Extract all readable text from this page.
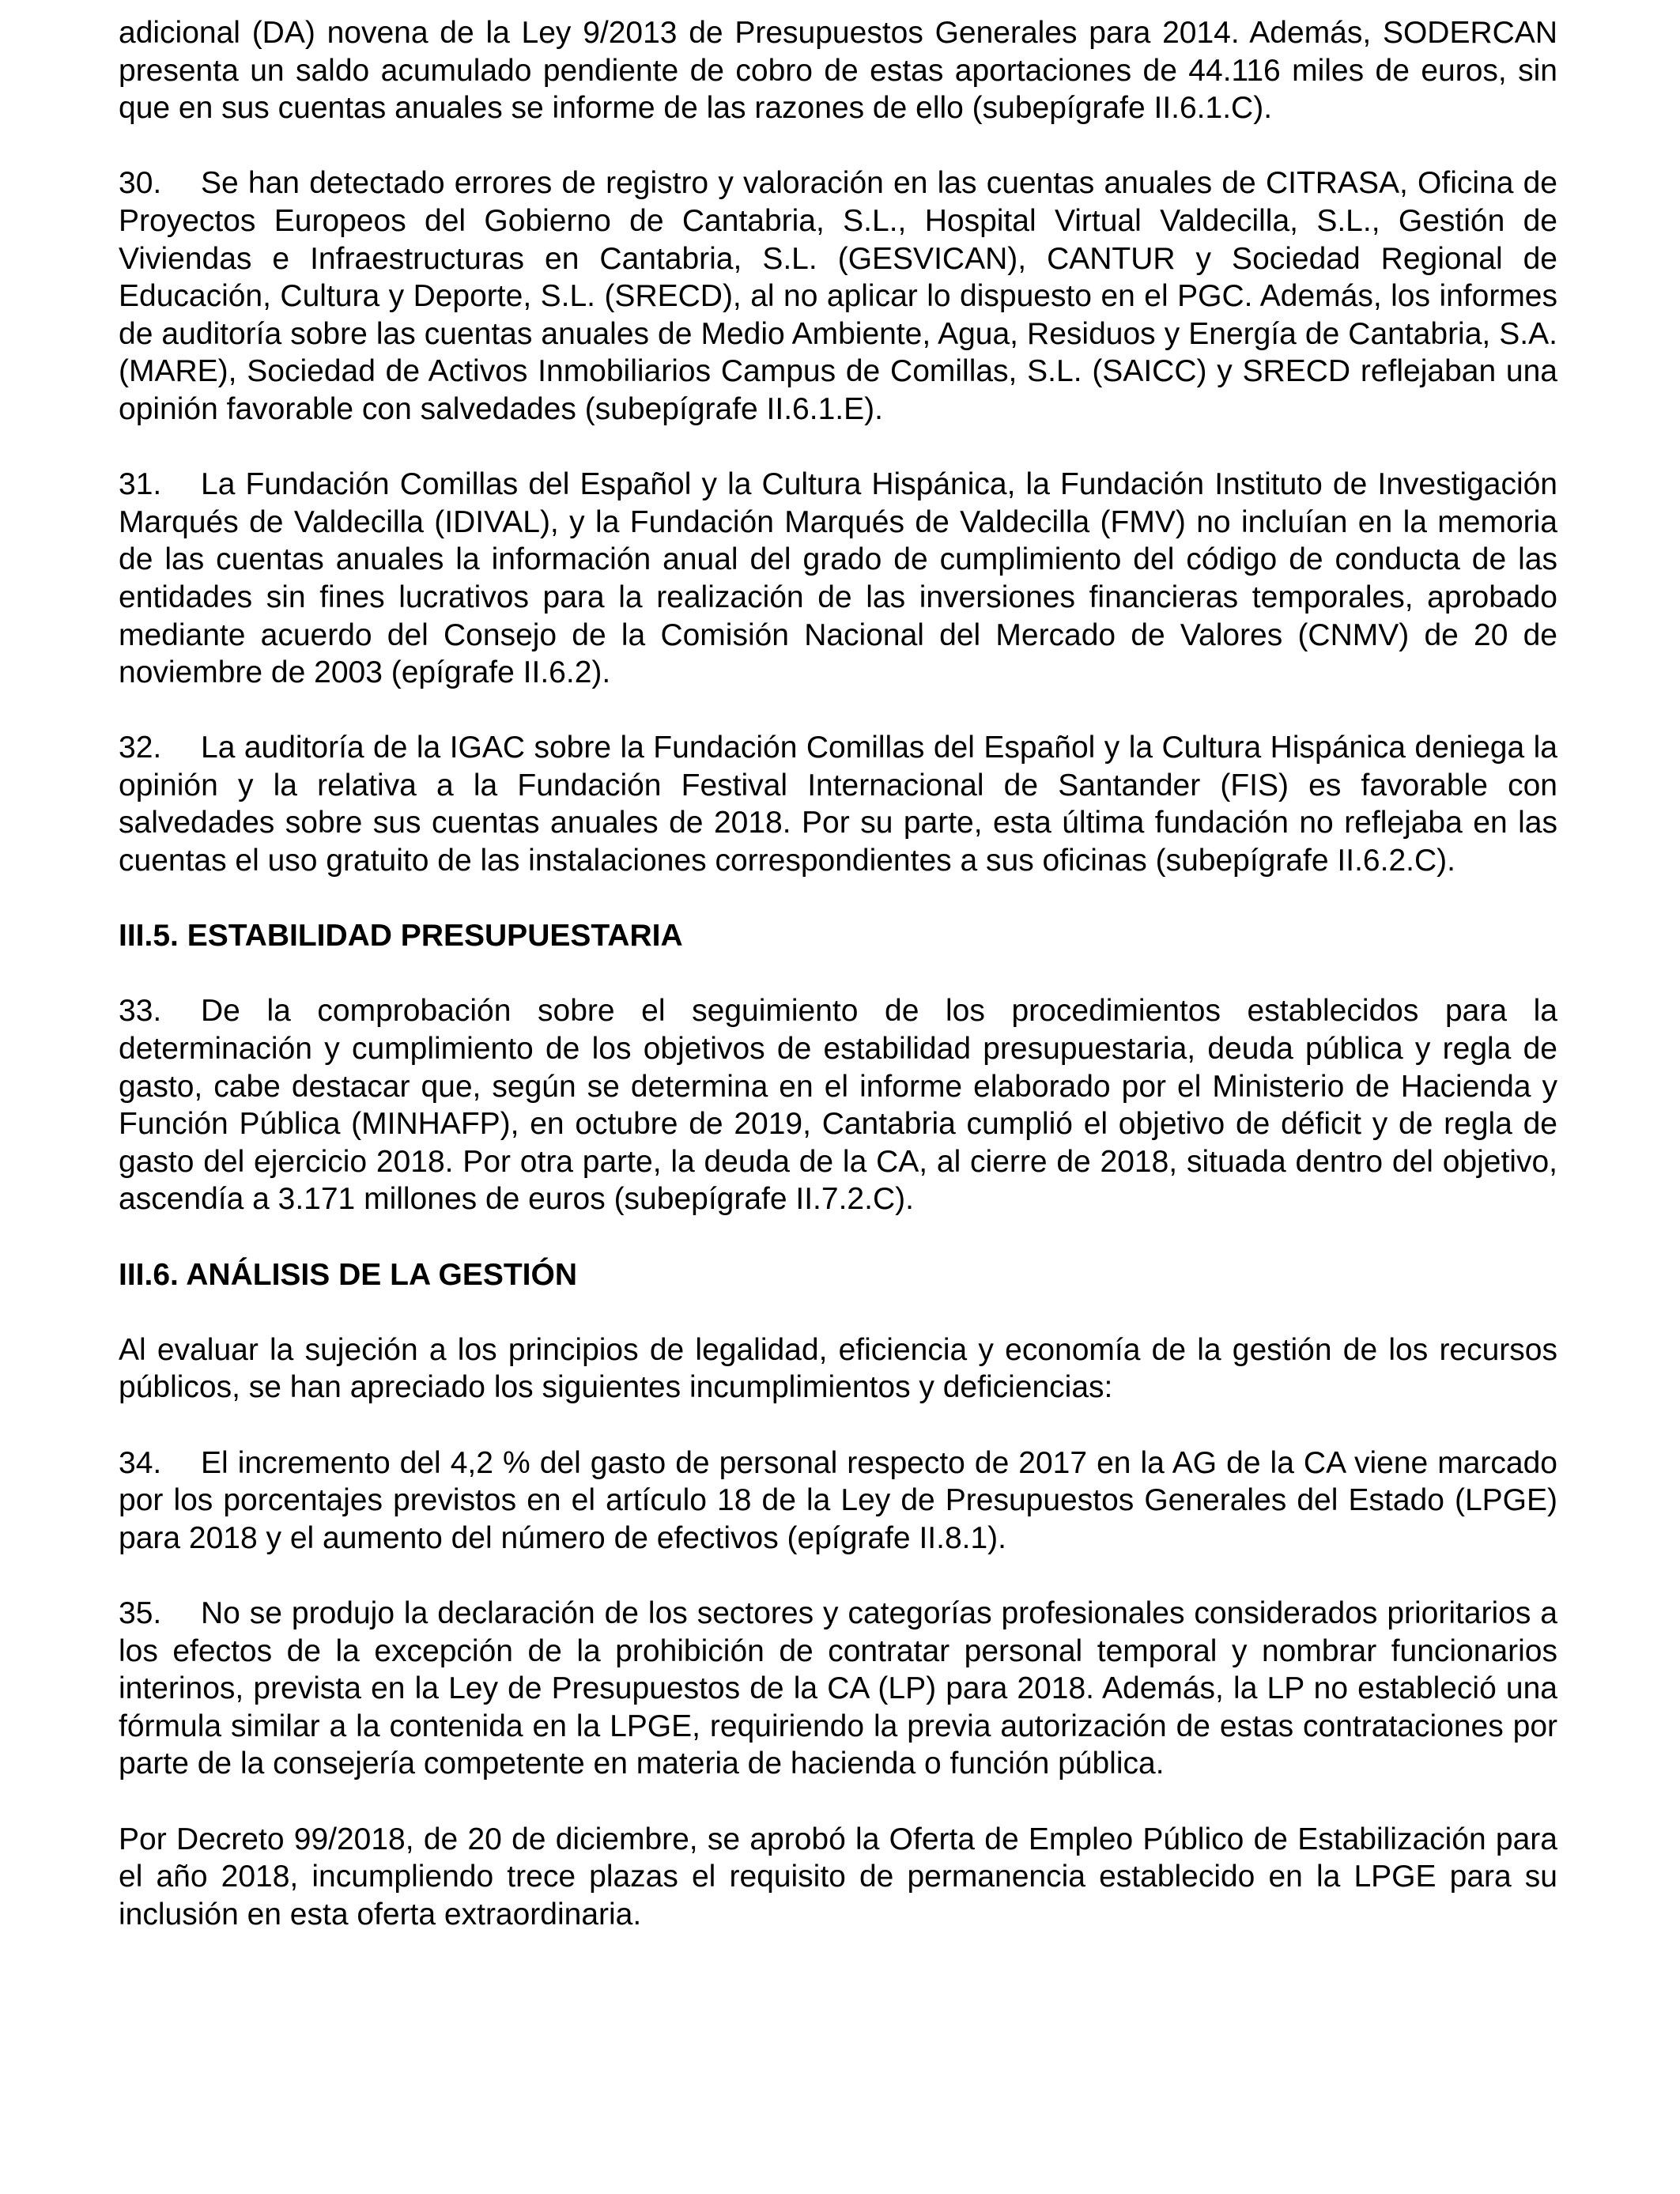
adicional (DA) novena de la Ley 9/2013 de Presupuestos Generales para 2014. Además, SODERCAN presenta un saldo acumulado pendiente de cobro de estas aportaciones de 44.116 miles de euros, sin que en sus cuentas anuales se informe de las razones de ello (subepígrafe II.6.1.C).

30. Se han detectado errores de registro y valoración en las cuentas anuales de CITRASA, Oficina de Proyectos Europeos del Gobierno de Cantabria, S.L., Hospital Virtual Valdecilla, S.L., Gestión de Viviendas e Infraestructuras en Cantabria, S.L. (GESVICAN), CANTUR y Sociedad Regional de Educación, Cultura y Deporte, S.L. (SRECD), al no aplicar lo dispuesto en el PGC. Además, los informes de auditoría sobre las cuentas anuales de Medio Ambiente, Agua, Residuos y Energía de Cantabria, S.A. (MARE), Sociedad de Activos Inmobiliarios Campus de Comillas, S.L. (SAICC) y SRECD reflejaban una opinión favorable con salvedades (subepígrafe II.6.1.E).

31. La Fundación Comillas del Español y la Cultura Hispánica, la Fundación Instituto de Investigación Marqués de Valdecilla (IDIVAL), y la Fundación Marqués de Valdecilla (FMV) no incluían en la memoria de las cuentas anuales la información anual del grado de cumplimiento del código de conducta de las entidades sin fines lucrativos para la realización de las inversiones financieras temporales, aprobado mediante acuerdo del Consejo de la Comisión Nacional del Mercado de Valores (CNMV) de 20 de noviembre de 2003 (epígrafe II.6.2).

32. La auditoría de la IGAC sobre la Fundación Comillas del Español y la Cultura Hispánica deniega la opinión y la relativa a la Fundación Festival Internacional de Santander (FIS) es favorable con salvedades sobre sus cuentas anuales de 2018. Por su parte, esta última fundación no reflejaba en las cuentas el uso gratuito de las instalaciones correspondientes a sus oficinas (subepígrafe II.6.2.C).

III.5. ESTABILIDAD PRESUPUESTARIA

33. De la comprobación sobre el seguimiento de los procedimientos establecidos para la determinación y cumplimiento de los objetivos de estabilidad presupuestaria, deuda pública y regla de gasto, cabe destacar que, según se determina en el informe elaborado por el Ministerio de Hacienda y Función Pública (MINHAFP), en octubre de 2019, Cantabria cumplió el objetivo de déficit y de regla de gasto del ejercicio 2018. Por otra parte, la deuda de la CA, al cierre de 2018, situada dentro del objetivo, ascendía a 3.171 millones de euros (subepígrafe II.7.2.C).

III.6. ANÁLISIS DE LA GESTIÓN

Al evaluar la sujeción a los principios de legalidad, eficiencia y economía de la gestión de los recursos públicos, se han apreciado los siguientes incumplimientos y deficiencias:

34. El incremento del 4,2 % del gasto de personal respecto de 2017 en la AG de la CA viene marcado por los porcentajes previstos en el artículo 18 de la Ley de Presupuestos Generales del Estado (LPGE) para 2018 y el aumento del número de efectivos (epígrafe II.8.1).

35. No se produjo la declaración de los sectores y categorías profesionales considerados prioritarios a los efectos de la excepción de la prohibición de contratar personal temporal y nombrar funcionarios interinos, prevista en la Ley de Presupuestos de la CA (LP) para 2018. Además, la LP no estableció una fórmula similar a la contenida en la LPGE, requiriendo la previa autorización de estas contrataciones por parte de la consejería competente en materia de hacienda o función pública.

Por Decreto 99/2018, de 20 de diciembre, se aprobó la Oferta de Empleo Público de Estabilización para el año 2018, incumpliendo trece plazas el requisito de permanencia establecido en la LPGE para su inclusión en esta oferta extraordinaria.
